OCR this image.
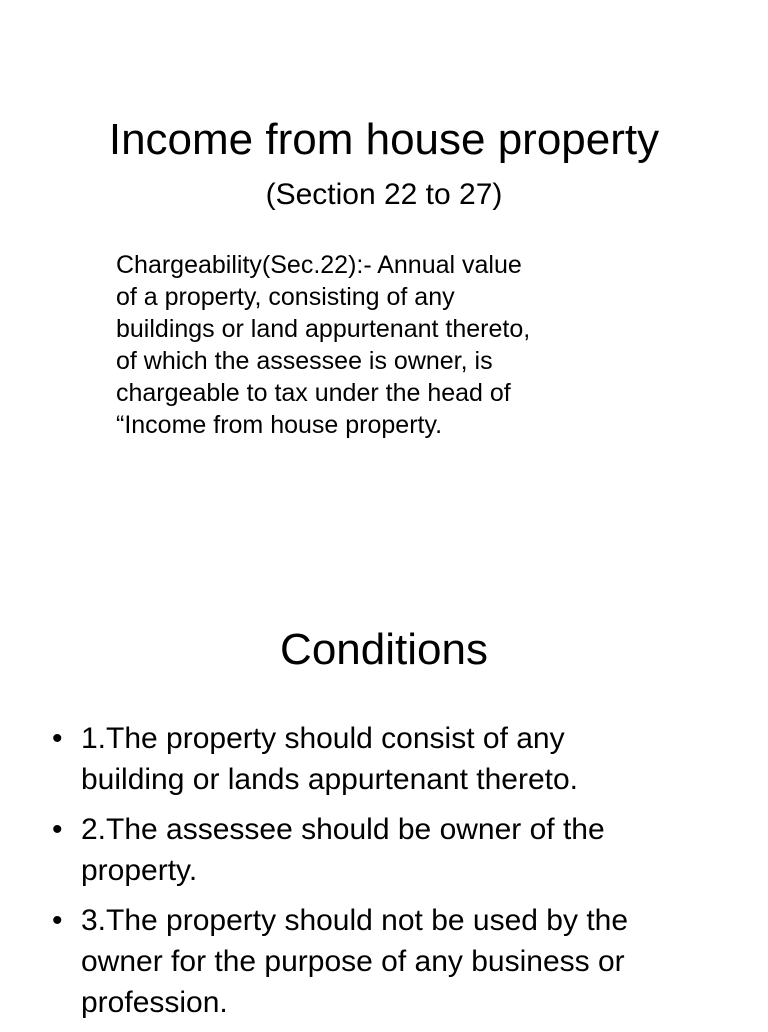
Income from house property
(Section 22 to 27)
Chargeability(Sec.22):- Annual value
of a property, consisting of any
buildings or land appurtenant thereto,
of which the assessee is owner, is
chargeable to tax under the head of
“Income from house property.
Conditions
• 1.The property should consist of any
building or lands appurtenant thereto.
• 2.The assessee should be owner of the
property.
• 3.The property should not be used by the
owner for the purpose of any business or
profession.
